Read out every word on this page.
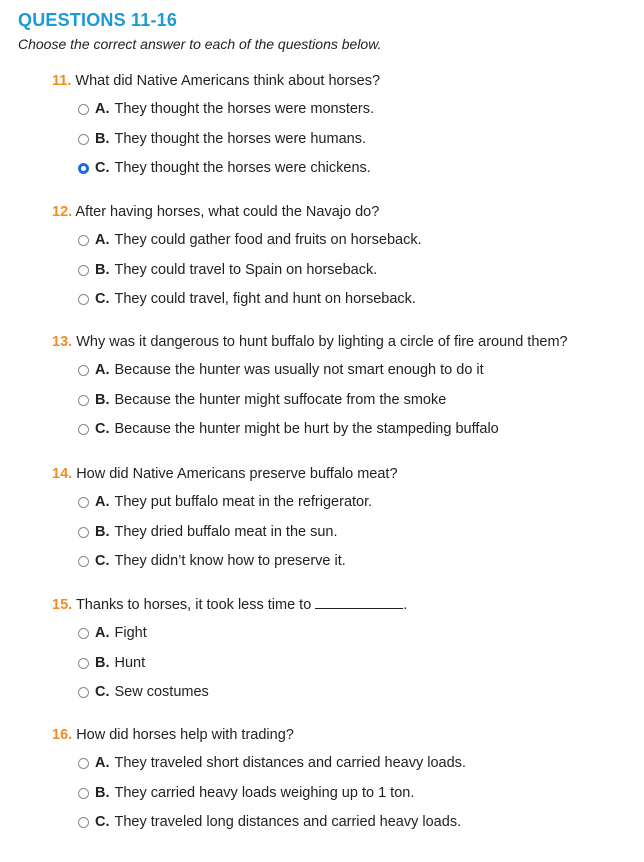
QUESTIONS 11-16
Choose the correct answer to each of the questions below.
11. What did Native Americans think about horses?
A. They thought the horses were monsters.
B. They thought the horses were humans.
C. They thought the horses were chickens.
12. After having horses, what could the Navajo do?
A. They could gather food and fruits on horseback.
B. They could travel to Spain on horseback.
C. They could travel, fight and hunt on horseback.
13. Why was it dangerous to hunt buffalo by lighting a circle of fire around them?
A. Because the hunter was usually not smart enough to do it
B. Because the hunter might suffocate from the smoke
C. Because the hunter might be hurt by the stampeding buffalo
14. How did Native Americans preserve buffalo meat?
A. They put buffalo meat in the refrigerator.
B. They dried buffalo meat in the sun.
C. They didn’t know how to preserve it.
15. Thanks to horses, it took less time to	.
A. Fight
B. Hunt
C. Sew costumes
16. How did horses help with trading?
A. They traveled short distances and carried heavy loads.
B. They carried heavy loads weighing up to 1 ton.
C. They traveled long distances and carried heavy loads.
